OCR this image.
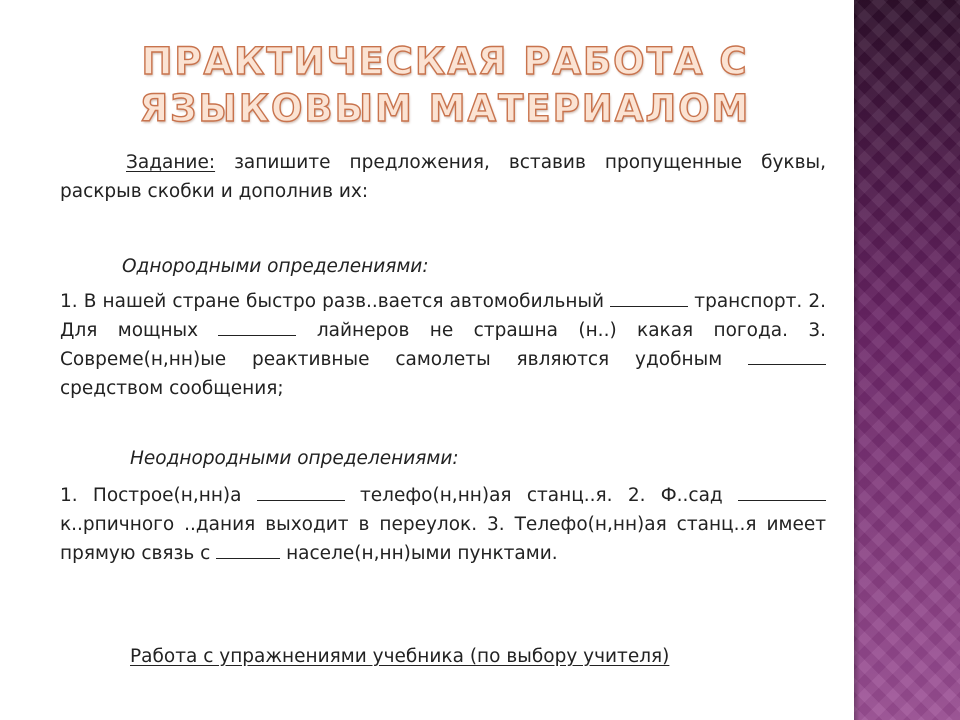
ПРАКТИЧЕСКАЯ РАБОТА С
ЯЗЫКОВЫМ МАТЕРИАЛОМ
Задание: запишите предложения, вставив пропущенные буквы, раскрыв скобки и дополнив их:
Однородными определениями:
1. В нашей стране быстро разв..вается автомобильный	транспорт. 2. Для мощных	лайнеров не страшна (н..) какая погода. 3. Совреме(н,нн)ые реактивные самолеты являются удобным  средством сообщения;
Неоднородными определениями:
1. Построе(н,нн)а	телефо(н,нн)ая станц..я. 2. Ф..сад  к..рпичного ..дания выходит в переулок. 3. Телефо(н,нн)ая станц..я имеет прямую связь с	населе(н,нн)ыми пунктами.
Работа с упражнениями учебника (по выбору учителя)
